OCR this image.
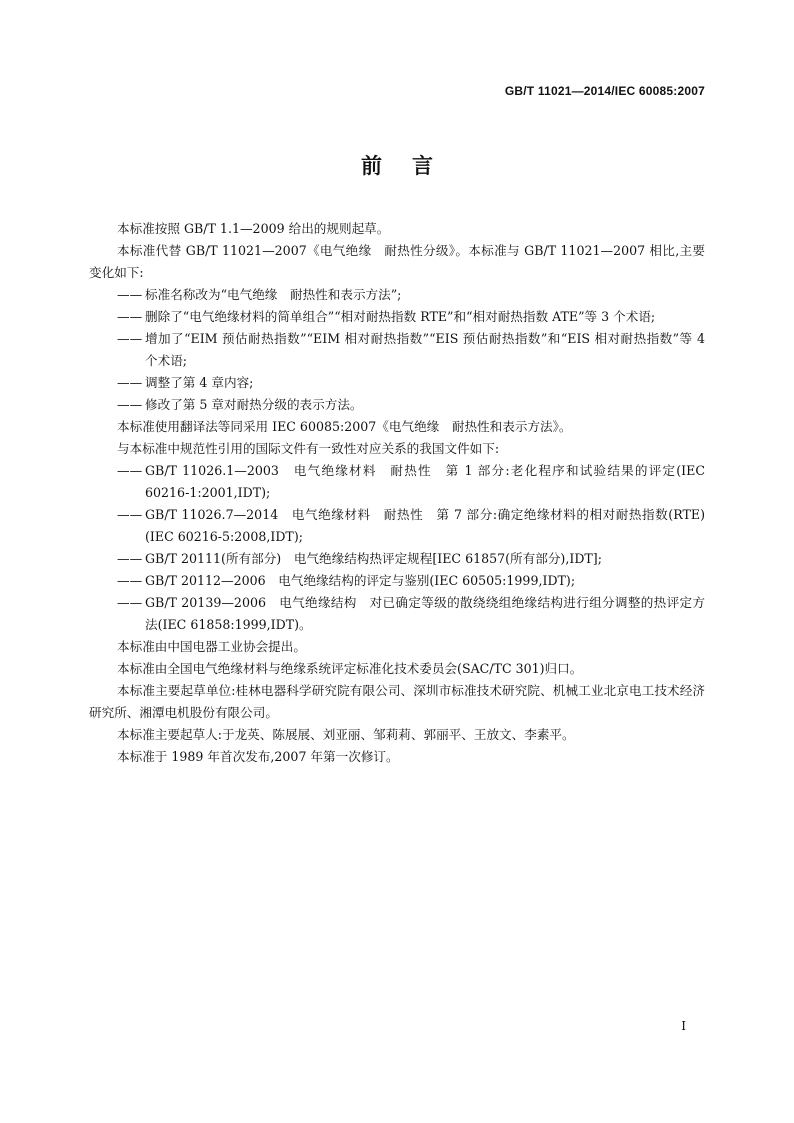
GB/T 11021—2014/IEC 60085:2007
前言

本标准按照 GB/T 1.1—2009 给出的规则起草。

本标准代替 GB/T 11021—2007《电气绝缘　耐热性分级》。本标准与 GB/T 11021—2007 相比,主要变化如下:

—— 标准名称改为“电气绝缘　耐热性和表示方法”;
—— 删除了“电气绝缘材料的简单组合”“相对耐热指数 RTE”和“相对耐热指数 ATE”等 3 个术语;
—— 增加了“EIM 预估耐热指数”“EIM 相对耐热指数”“EIS 预估耐热指数”和“EIS 相对耐热指数”等 4 个术语;
—— 调整了第 4 章内容;
—— 修改了第 5 章对耐热分级的表示方法。

本标准使用翻译法等同采用 IEC 60085:2007《电气绝缘　耐热性和表示方法》。

与本标准中规范性引用的国际文件有一致性对应关系的我国文件如下:

—— GB/T 11026.1—2003　电气绝缘材料　耐热性　第 1 部分:老化程序和试验结果的评定(IEC 60216-1:2001,IDT);
—— GB/T 11026.7—2014　电气绝缘材料　耐热性　第 7 部分:确定绝缘材料的相对耐热指数(RTE)(IEC 60216-5:2008,IDT);
—— GB/T 20111(所有部分)　电气绝缘结构热评定规程[IEC 61857(所有部分),IDT];
—— GB/T 20112—2006　电气绝缘结构的评定与鉴别(IEC 60505:1999,IDT);
—— GB/T 20139—2006　电气绝缘结构　对已确定等级的散绕绕组绝缘结构进行组分调整的热评定方法(IEC 61858:1999,IDT)。

本标准由中国电器工业协会提出。

本标准由全国电气绝缘材料与绝缘系统评定标准化技术委员会(SAC/TC 301)归口。

本标准主要起草单位:桂林电器科学研究院有限公司、深圳市标准技术研究院、机械工业北京电工技术经济研究所、湘潭电机股份有限公司。

本标准主要起草人:于龙英、陈展展、刘亚丽、邹莉莉、郭丽平、王放文、李素平。

本标准于 1989 年首次发布,2007 年第一次修订。

I
